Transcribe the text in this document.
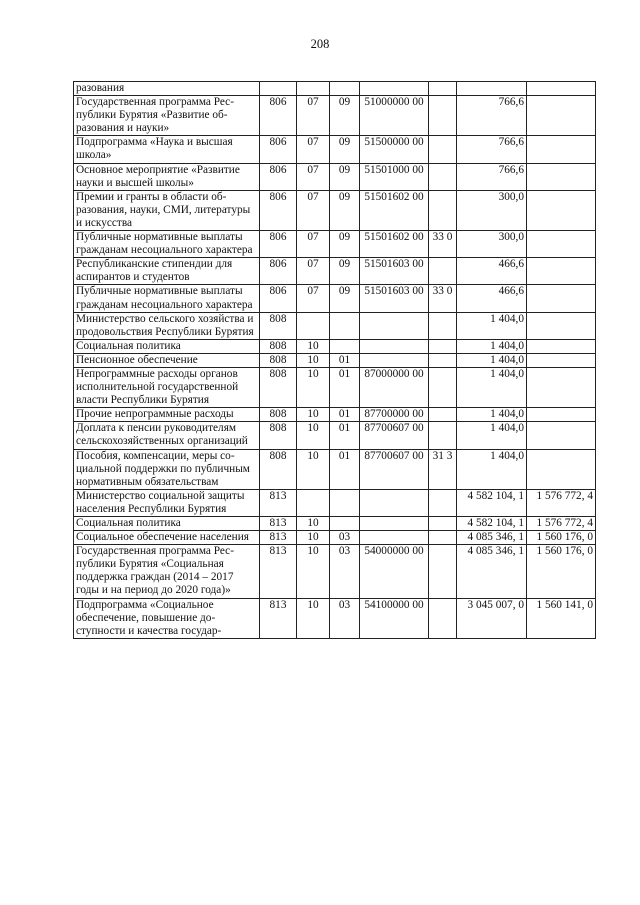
208
разования							
Государственная программа Республики Бурятия «Развитие образования и науки»	806	07	09	51000000 00		766,6	
Подпрограмма «Наука и высшая школа»	806	07	09	51500000 00		766,6	
Основное мероприятие «Развитие науки и высшей школы»	806	07	09	51501000 00		766,6	
Премии и гранты в области образования, науки, СМИ, литературы и искусства	806	07	09	51501602 00		300,0	
Публичные нормативные выплаты гражданам несоциального характера	806	07	09	51501602 00	33 0	300,0	
Республиканские стипендии для аспирантов и студентов	806	07	09	51501603 00		466,6	
Публичные нормативные выплаты гражданам несоциального характера	806	07	09	51501603 00	33 0	466,6	
Министерство сельского хозяйства и продовольствия Республики Бурятия	808					1 404,0	
Социальная политика	808	10				1 404,0	
Пенсионное обеспечение	808	10	01			1 404,0	
Непрограммные расходы органов исполнительной государственной власти Республики Бурятия	808	10	01	87000000 00		1 404,0	
Прочие непрограммные расходы	808	10	01	87700000 00		1 404,0	
Доплата к пенсии руководителям сельскохозяйственных организаций	808	10	01	87700607 00		1 404,0	
Пособия, компенсации, меры социальной поддержки по публичным нормативным обязательствам	808	10	01	87700607 00	31 3	1 404,0	
Министерство социальной защиты населения Республики Бурятия	813					4 582 104, 1	1 576 772, 4
Социальная политика	813	10				4 582 104, 1	1 576 772, 4
Социальное обеспечение населения	813	10	03			4 085 346, 1	1 560 176, 0
Государственная программа Республики Бурятия «Социальная поддержка граждан (2014 – 2017 годы и на период до 2020 года)»	813	10	03	54000000 00		4 085 346, 1	1 560 176, 0
Подпрограмма «Социальное обеспечение, повышение доступности и качества государ-	813	10	03	54100000 00		3 045 007, 0	1 560 141, 0
